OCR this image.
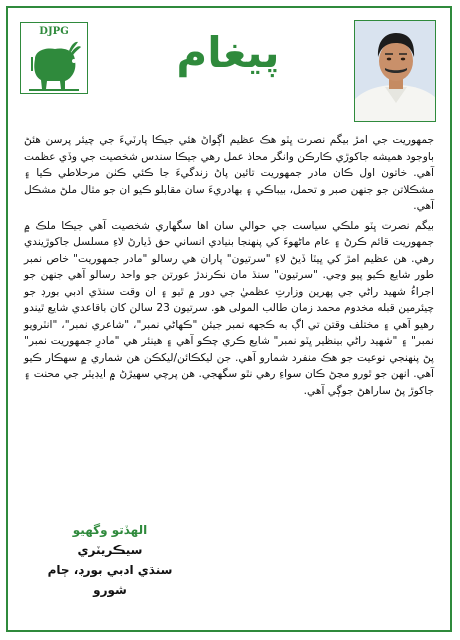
DJPG	پيغام

جمهوريت جي امڙ بيگم نصرت ڀٽو هڪ عظيم اڳواڻ هئي جيڪا پارٽيءَ جي چيئر پرسن هئڻ باوجود هميشه جاکوڙي ڪارڪن وانگر محاذ عمل رهي جيڪا سندس شخصيت جي وڏي عظمت آهي. خاتون اول ڪان مادر جمهوريت تائين پاڻ زندگيءَ جا ڪئي ڪٺن مرحلاطي ڪيا ۽ مشڪلاتن جو جنهن صبر و تحمل، بيباڪي ۽ بهادريءَ سان مقابلو ڪيو ان جو مثال ملڻ مشڪل آهي.

بيگم نصرت ڀٽو ملڪي سياست جي حوالي سان اها سگهاري شخصيت آهي جيڪا ملڪ ۾ جمهوريت قائم ڪرڻ ۽ عام ماڻهوءَ کي پنهنجا بنيادي انساني حق ڏيارڻ لاءِ مسلسل جاکوڙيندي رهي. هن عظيم امڙ کي ڀيٽا ڏيڻ لاءِ "سرتيون" پاران هي رسالو "مادر جمهوريت" خاص نمبر طور شايع ڪيو پيو وڃي. "سرتيون" سنڌ مان نڪرندڙ عورتن جو واحد رسالو آهي جنهن جو اجراءُ شهيد راڻي جي پهرين وزارتِ عظميٰ جي دور ۾ ٿيو ۽ ان وقت سنڌي ادبي بورڊ جو چيئرمين قبله مخدوم محمد زمان طالب المولى هو. سرتيون 23 سالن کان باقاعدي شايع ٿيندو رهيو آهي ۽ مختلف وقتن تي اڳ به ڪجهه نمبر جيئن "ڪهاڻي نمبر"، "شاعري نمبر"، "انٽرويو نمبر" ۽ "شهيد راڻي بينظير ڀٽو نمبر" شايع ڪري چڪو آهي ۽ هينئر هي "مادرِ جمهوريت نمبر" پڻ پنهنجي نوعيت جو هڪ منفرد شمارو آهي. جن ليکڪائن/ليکڪن هن شماري ۾ سهڪار ڪيو آهي. انهن جو ٿورو مڃڻ ڪان سواءِ رهي نٿو سگهجي. هن پرچي سهيڙڻ ۾ ايڊيٽر جي محنت ۽ جاکوڙ پڻ ساراهڻ جوڳي آهي.

الهڏتو وگهيو
سيڪريٽري
سنڌي ادبي بورڊ، ڄام شورو
